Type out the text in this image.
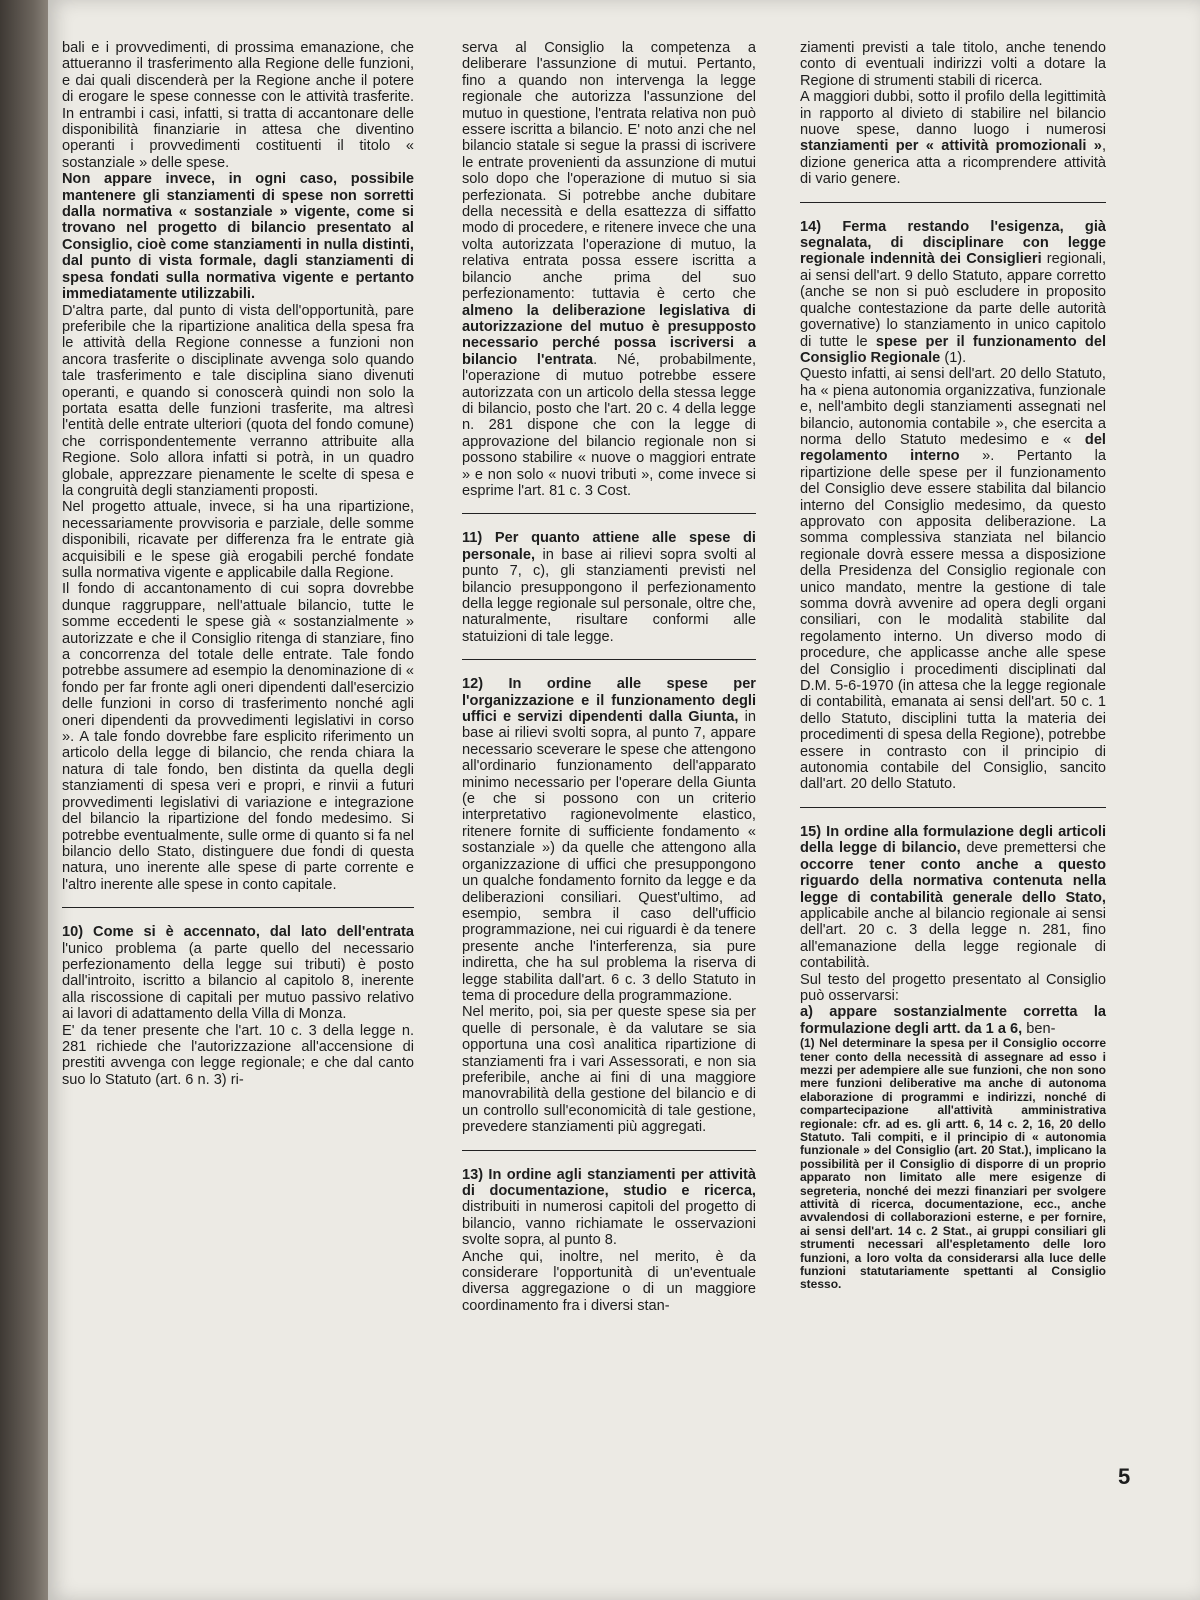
bali e i provvedimenti, di prossima emanazione, che attueranno il trasferimento alla Regione delle funzioni, e dai quali discenderà per la Regione anche il potere di erogare le spese connesse con le attività trasferite. In entrambi i casi, infatti, si tratta di accantonare delle disponibilità finanziarie in attesa che diventino operanti i provvedimenti costituenti il titolo « sostanziale » delle spese.

Non appare invece, in ogni caso, possibile mantenere gli stanziamenti di spese non sorretti dalla normativa « sostanziale » vigente, come si trovano nel progetto di bilancio presentato al Consiglio, cioè come stanziamenti in nulla distinti, dal punto di vista formale, dagli stanziamenti di spesa fondati sulla normativa vigente e pertanto immediatamente utilizzabili.

D'altra parte, dal punto di vista dell'opportunità, pare preferibile che la ripartizione analitica della spesa fra le attività della Regione connesse a funzioni non ancora trasferite o disciplinate avvenga solo quando tale trasferimento e tale disciplina siano divenuti operanti, e quando si conoscerà quindi non solo la portata esatta delle funzioni trasferite, ma altresì l'entità delle entrate ulteriori (quota del fondo comune) che corrispondentemente verranno attribuite alla Regione. Solo allora infatti si potrà, in un quadro globale, apprezzare pienamente le scelte di spesa e la congruità degli stanziamenti proposti.

Nel progetto attuale, invece, si ha una ripartizione, necessariamente provvisoria e parziale, delle somme disponibili, ricavate per differenza fra le entrate già acquisibili e le spese già erogabili perché fondate sulla normativa vigente e applicabile dalla Regione.

Il fondo di accantonamento di cui sopra dovrebbe dunque raggruppare, nell'attuale bilancio, tutte le somme eccedenti le spese già « sostanzialmente » autorizzate e che il Consiglio ritenga di stanziare, fino a concorrenza del totale delle entrate. Tale fondo potrebbe assumere ad esempio la denominazione di « fondo per far fronte agli oneri dipendenti dall'esercizio delle funzioni in corso di trasferimento nonché agli oneri dipendenti da provvedimenti legislativi in corso ». A tale fondo dovrebbe fare esplicito riferimento un articolo della legge di bilancio, che renda chiara la natura di tale fondo, ben distinta da quella degli stanziamenti di spesa veri e propri, e rinvii a futuri provvedimenti legislativi di variazione e integrazione del bilancio la ripartizione del fondo medesimo. Si potrebbe eventualmente, sulle orme di quanto si fa nel bilancio dello Stato, distinguere due fondi di questa natura, uno inerente alle spese di parte corrente e l'altro inerente alle spese in conto capitale.

10) Come si è accennato, dal lato dell'entrata l'unico problema (a parte quello del necessario perfezionamento della legge sui tributi) è posto dall'introito, iscritto a bilancio al capitolo 8, inerente alla riscossione di capitali per mutuo passivo relativo ai lavori di adattamento della Villa di Monza.

E' da tener presente che l'art. 10 c. 3 della legge n. 281 richiede che l'autorizzazione all'accensione di prestiti avvenga con legge regionale; e che dal canto suo lo Statuto (art. 6 n. 3) ri-

serva al Consiglio la competenza a deliberare l'assunzione di mutui. Pertanto, fino a quando non intervenga la legge regionale che autorizza l'assunzione del mutuo in questione, l'entrata relativa non può essere iscritta a bilancio. E' noto anzi che nel bilancio statale si segue la prassi di iscrivere le entrate provenienti da assunzione di mutui solo dopo che l'operazione di mutuo si sia perfezionata. Si potrebbe anche dubitare della necessità e della esattezza di siffatto modo di procedere, e ritenere invece che una volta autorizzata l'operazione di mutuo, la relativa entrata possa essere iscritta a bilancio anche prima del suo perfezionamento: tuttavia è certo che almeno la deliberazione legislativa di autorizzazione del mutuo è presupposto necessario perché possa iscriversi a bilancio l'entrata. Né, probabilmente, l'operazione di mutuo potrebbe essere autorizzata con un articolo della stessa legge di bilancio, posto che l'art. 20 c. 4 della legge n. 281 dispone che con la legge di approvazione del bilancio regionale non si possono stabilire « nuove o maggiori entrate » e non solo « nuovi tributi », come invece si esprime l'art. 81 c. 3 Cost.

11) Per quanto attiene alle spese di personale, in base ai rilievi sopra svolti al punto 7, c), gli stanziamenti previsti nel bilancio presuppongono il perfezionamento della legge regionale sul personale, oltre che, naturalmente, risultare conformi alle statuizioni di tale legge.

12) In ordine alle spese per l'organizzazione e il funzionamento degli uffici e servizi dipendenti dalla Giunta, in base ai rilievi svolti sopra, al punto 7, appare necessario sceverare le spese che attengono all'ordinario funzionamento dell'apparato minimo necessario per l'operare della Giunta (e che si possono con un criterio interpretativo ragionevolmente elastico, ritenere fornite di sufficiente fondamento « sostanziale ») da quelle che attengono alla organizzazione di uffici che presuppongono un qualche fondamento fornito da legge e da deliberazioni consiliari. Quest'ultimo, ad esempio, sembra il caso dell'ufficio programmazione, nei cui riguardi è da tenere presente anche l'interferenza, sia pure indiretta, che ha sul problema la riserva di legge stabilita dall'art. 6 c. 3 dello Statuto in tema di procedure della programmazione.

Nel merito, poi, sia per queste spese sia per quelle di personale, è da valutare se sia opportuna una così analitica ripartizione di stanziamenti fra i vari Assessorati, e non sia preferibile, anche ai fini di una maggiore manovrabilità della gestione del bilancio e di un controllo sull'economicità di tale gestione, prevedere stanziamenti più aggregati.

13) In ordine agli stanziamenti per attività di documentazione, studio e ricerca, distribuiti in numerosi capitoli del progetto di bilancio, vanno richiamate le osservazioni svolte sopra, al punto 8.

Anche qui, inoltre, nel merito, è da considerare l'opportunità di un'eventuale diversa aggregazione o di un maggiore coordinamento fra i diversi stan-

ziamenti previsti a tale titolo, anche tenendo conto di eventuali indirizzi volti a dotare la Regione di strumenti stabili di ricerca.

A maggiori dubbi, sotto il profilo della legittimità in rapporto al divieto di stabilire nel bilancio nuove spese, danno luogo i numerosi stanziamenti per « attività promozionali », dizione generica atta a ricomprendere attività di vario genere.

14) Ferma restando l'esigenza, già segnalata, di disciplinare con legge regionale indennità dei Consiglieri regionali, ai sensi dell'art. 9 dello Statuto, appare corretto (anche se non si può escludere in proposito qualche contestazione da parte delle autorità governative) lo stanziamento in unico capitolo di tutte le spese per il funzionamento del Consiglio Regionale (1).

Questo infatti, ai sensi dell'art. 20 dello Statuto, ha « piena autonomia organizzativa, funzionale e, nell'ambito degli stanziamenti assegnati nel bilancio, autonomia contabile », che esercita a norma dello Statuto medesimo e « del regolamento interno ». Pertanto la ripartizione delle spese per il funzionamento del Consiglio deve essere stabilita dal bilancio interno del Consiglio medesimo, da questo approvato con apposita deliberazione. La somma complessiva stanziata nel bilancio regionale dovrà essere messa a disposizione della Presidenza del Consiglio regionale con unico mandato, mentre la gestione di tale somma dovrà avvenire ad opera degli organi consiliari, con le modalità stabilite dal regolamento interno. Un diverso modo di procedure, che applicasse anche alle spese del Consiglio i procedimenti disciplinati dal D.M. 5-6-1970 (in attesa che la legge regionale di contabilità, emanata ai sensi dell'art. 50 c. 1 dello Statuto, disciplini tutta la materia dei procedimenti di spesa della Regione), potrebbe essere in contrasto con il principio di autonomia contabile del Consiglio, sancito dall'art. 20 dello Statuto.

15) In ordine alla formulazione degli articoli della legge di bilancio, deve premettersi che occorre tener conto anche a questo riguardo della normativa contenuta nella legge di contabilità generale dello Stato, applicabile anche al bilancio regionale ai sensi dell'art. 20 c. 3 della legge n. 281, fino all'emanazione della legge regionale di contabilità.

Sul testo del progetto presentato al Consiglio può osservarsi:

a) appare sostanzialmente corretta la formulazione degli artt. da 1 a 6, ben-

(1) Nel determinare la spesa per il Consiglio occorre tener conto della necessità di assegnare ad esso i mezzi per adempiere alle sue funzioni, che non sono mere funzioni deliberative ma anche di autonoma elaborazione di programmi e indirizzi, nonché di compartecipazione all'attività amministrativa regionale: cfr. ad es. gli artt. 6, 14 c. 2, 16, 20 dello Statuto. Tali compiti, e il principio di « autonomia funzionale » del Consiglio (art. 20 Stat.), implicano la possibilità per il Consiglio di disporre di un proprio apparato non limitato alle mere esigenze di segreteria, nonché dei mezzi finanziari per svolgere attività di ricerca, documentazione, ecc., anche avvalendosi di collaborazioni esterne, e per fornire, ai sensi dell'art. 14 c. 2 Stat., ai gruppi consiliari gli strumenti necessari all'espletamento delle loro funzioni, a loro volta da considerarsi alla luce delle funzioni statutariamente spettanti al Consiglio stesso.

5
